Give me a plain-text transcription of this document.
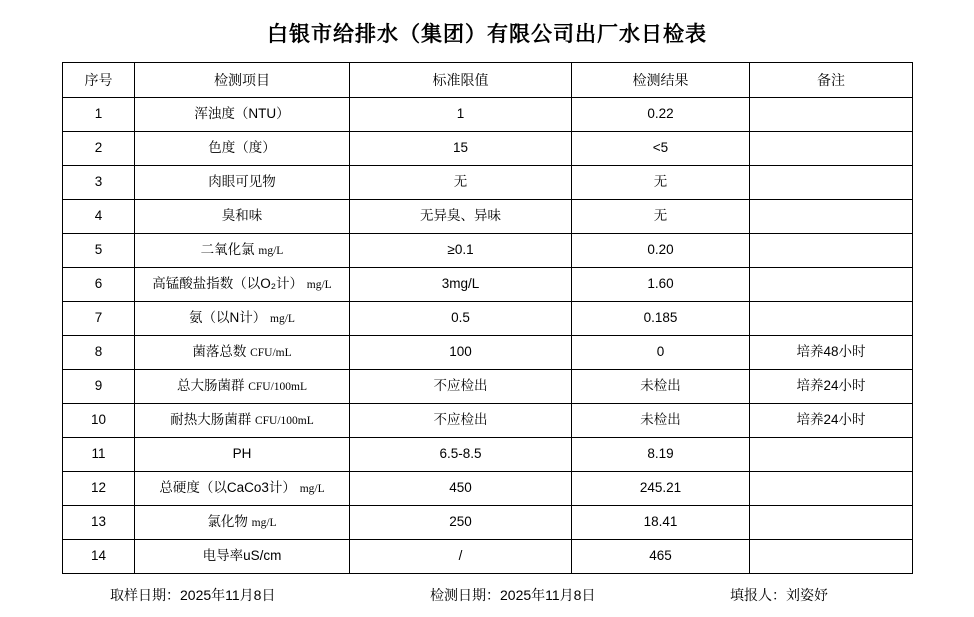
白银市给排水（集团）有限公司出厂水日检表
序号	检测项目	标准限值	检测结果	备注
1	浑浊度（NTU）	1	0.22	
2	色度（度）	15	<5	
3	肉眼可见物	无	无	
4	臭和味	无异臭、异味	无	
5	二氧化氯 mg/L	≥0.1	0.20	
6	高锰酸盐指数（以O₂计） mg/L	3mg/L	1.60	
7	氨（以N计） mg/L	0.5	0.185	
8	菌落总数 CFU/mL	100	0	培养48小时
9	总大肠菌群 CFU/100mL	不应检出	未检出	培养24小时
10	耐热大肠菌群 CFU/100mL	不应检出	未检出	培养24小时
11	PH	6.5-8.5	8.19	
12	总硬度（以CaCo3计） mg/L	450	245.21	
13	氯化物 mg/L	250	18.41	
14	电导率uS/cm	/	465	
取样日期：2025年11月8日	检测日期：2025年11月8日	填报人：刘姿妤
